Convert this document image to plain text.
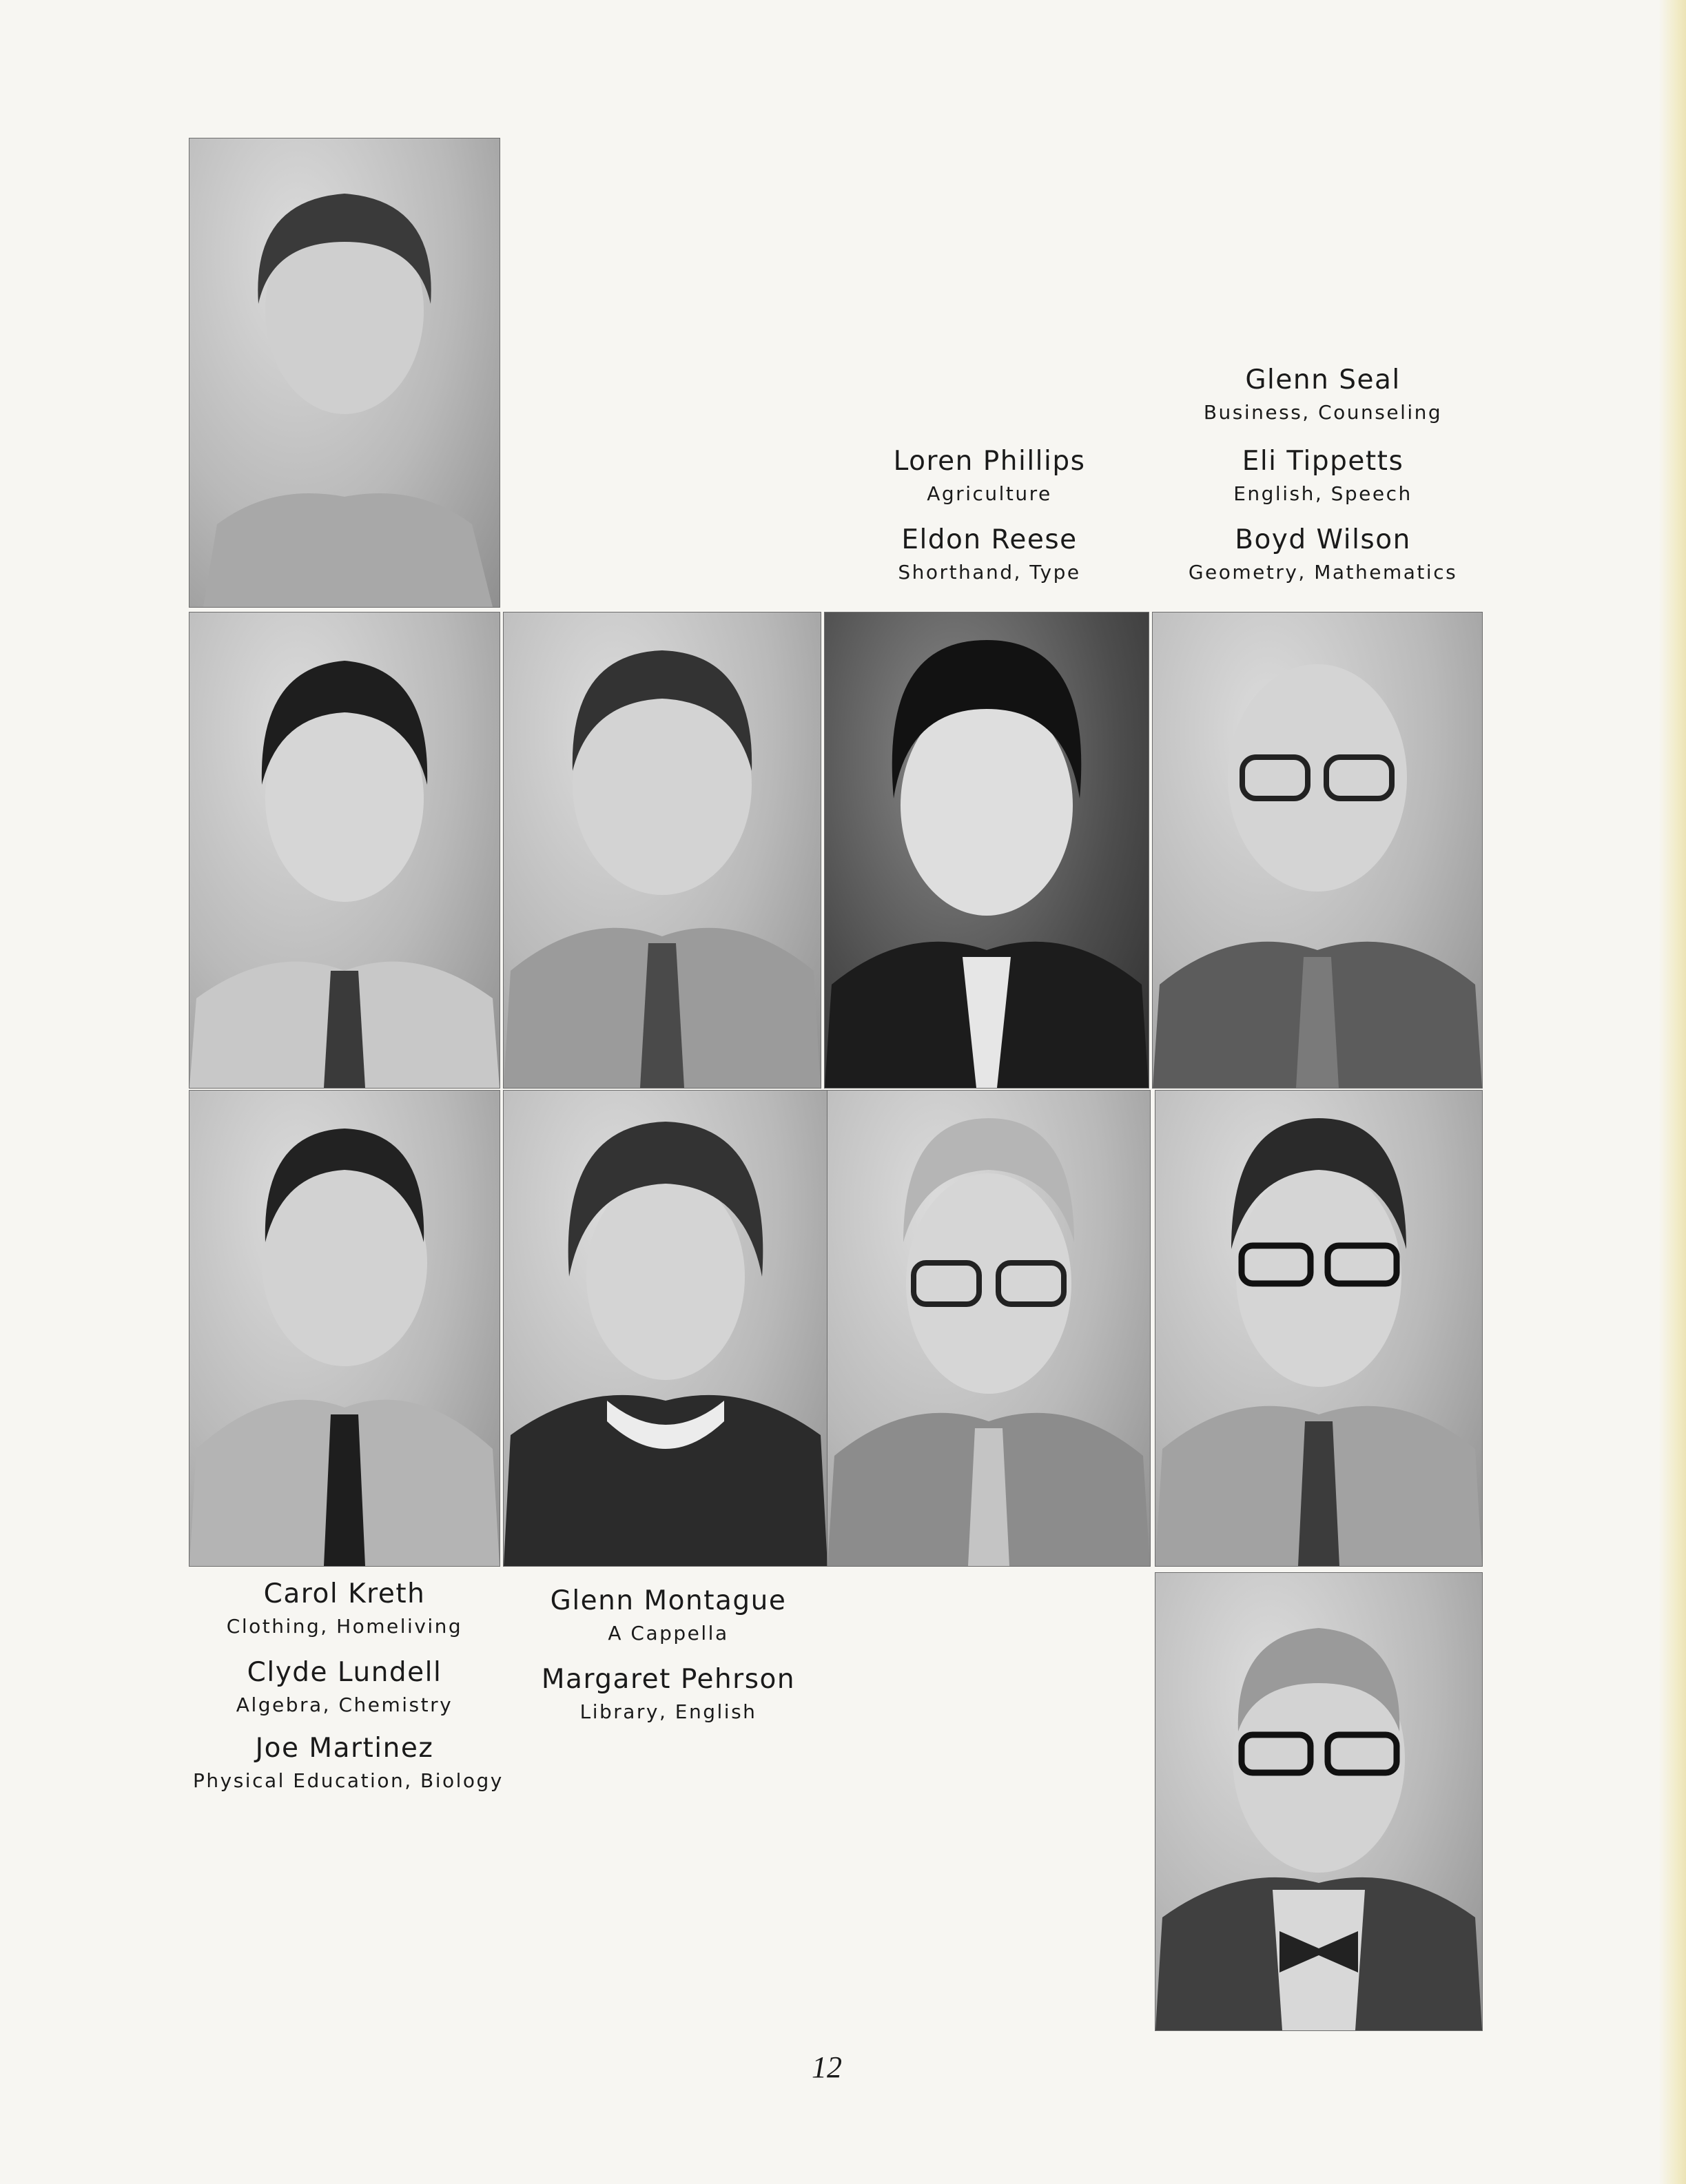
Loren Phillips
Agriculture
Eldon Reese
Shorthand, Type
Glenn Seal
Business, Counseling
Eli Tippetts
English, Speech
Boyd Wilson
Geometry, Mathematics
Carol Kreth
Clothing, Homeliving
Clyde Lundell
Algebra, Chemistry
Joe Martinez
Physical Education, Biology
Glenn Montague
A Cappella
Margaret Pehrson
Library, English
12
